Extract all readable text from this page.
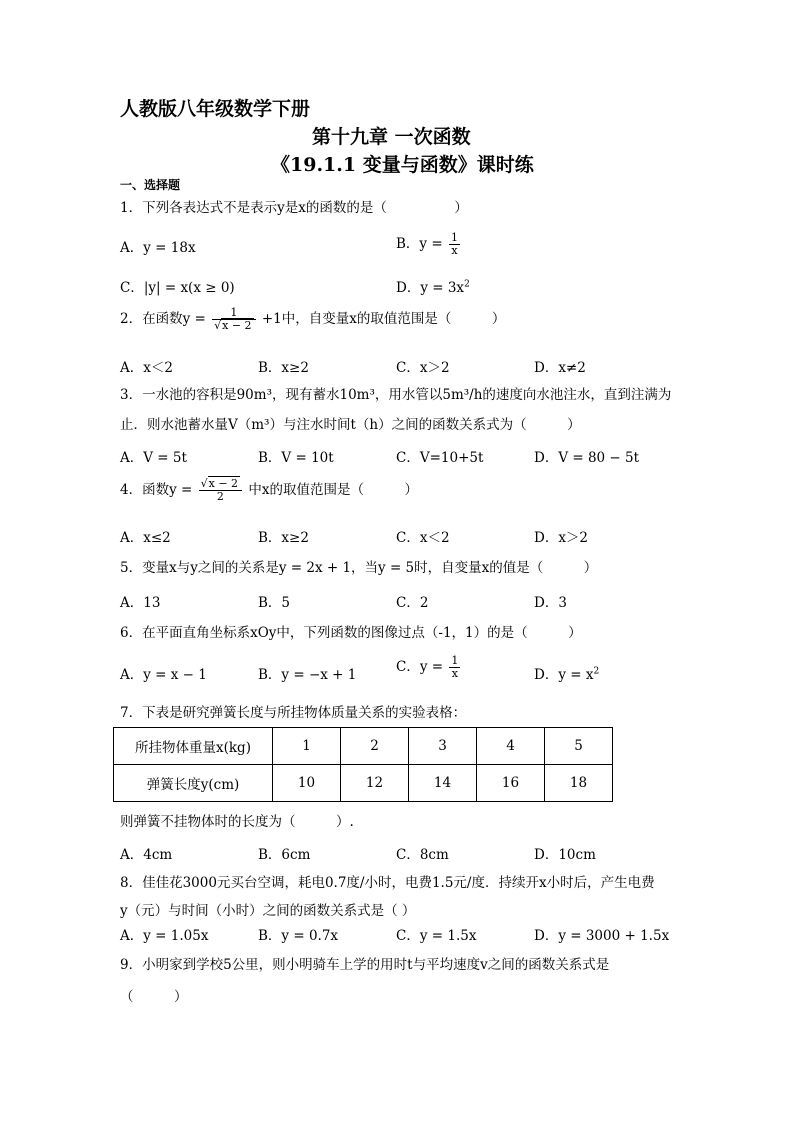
人教版八年级数学下册
第十九章 一次函数
《19.1.1 变量与函数》课时练
一、选择题
1．下列各表达式不是表示y是x的函数的是（　　　　　）
A．y = 18x	B．$y = \frac{1}{x}$
C．|y| = x(x ≥ 0)	D．$y = 3x^2$
2．在函数$y = \frac{1}{√x - 2} +1$中，自变量x的取值范围是（　　　）
A．x＜2	B．x≥2	C．x＞2	D．x≠2
3．一水池的容积是90m³，现有蓄水10m³，用水管以5m³/h的速度向水池注水，直到注满为
止．则水池蓄水量V（m³）与注水时间t（h）之间的函数关系式为（　　　）
A．V = 5t	B．V = 10t	C．V=10+5t	D．V = 80 − 5t
4．函数$y = \frac{√x - 2}{2}$ 中x的取值范围是（　　　）
A．x≤2	B．x≥2	C．x＜2	D．x＞2
5．变量x与y之间的关系是y = 2x + 1，当y = 5时，自变量x的值是（　　　）
A．13	B．5	C．2	D．3
6．在平面直角坐标系xOy中，下列函数的图像过点（-1，1）的是（　　　）
A．y = x − 1	B．y = −x + 1	C．$y = \frac{1}{x}$	D．$y = x^2$
7．下表是研究弹簧长度与所挂物体质量关系的实验表格：
所挂物体重量x(kg)	1	2	3	4	5
弹簧长度y(cm)	10	12	14	16	18
则弹簧不挂物体时的长度为（　　　）.
A．4cm	B．6cm	C．8cm	D．10cm
8．佳佳花3000元买台空调，耗电0.7度/小时，电费1.5元/度．持续开x小时后，产生电费
y（元）与时间（小时）之间的函数关系式是（ ）
A．y = 1.05x	B．y = 0.7x	C．y = 1.5x	D．y = 3000 + 1.5x
9．小明家到学校5公里，则小明骑车上学的用时t与平均速度v之间的函数关系式是
（　　　）
